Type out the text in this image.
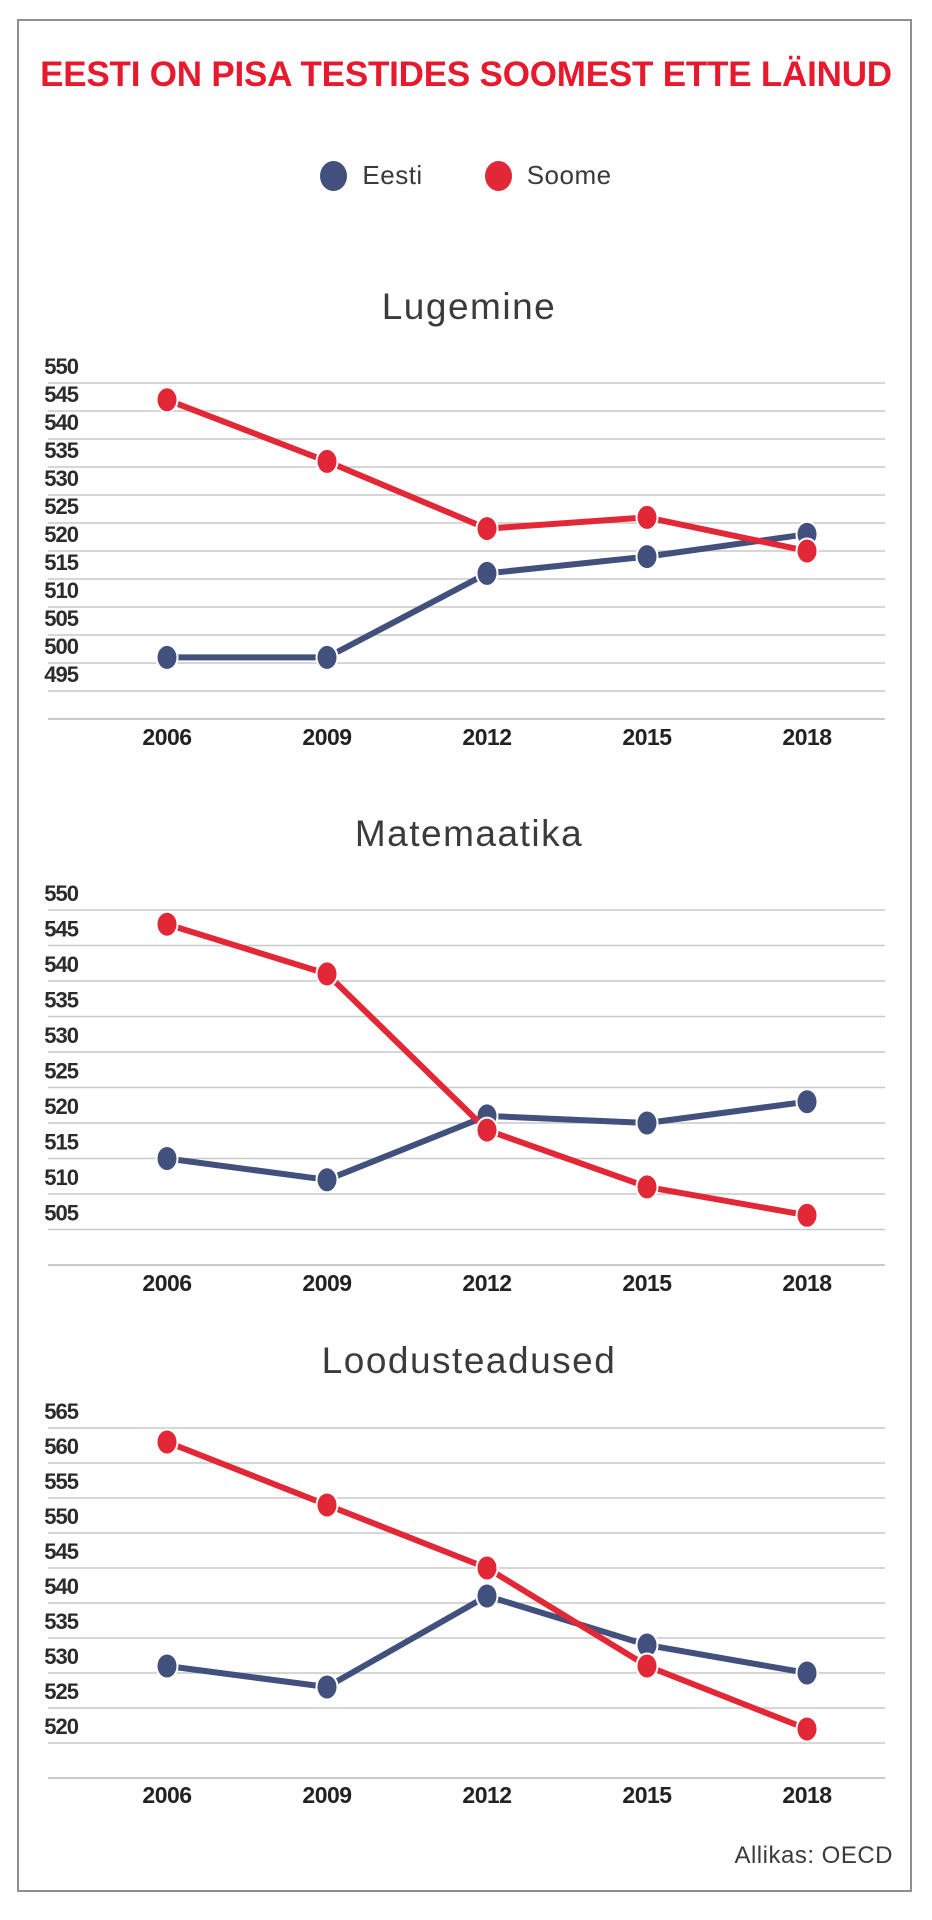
EESTI ON PISA TESTIDES SOOMEST ETTE LÄINUD
Eesti	Soome
Lugemine
550
545
540
535
530
525
520
515
510
505
500
495
2006	2009	2012	2015	2018
Matemaatika
550
545
540
535
530
525
520
515
510
505
2006	2009	2012	2015	2018
Loodusteadused
565
560
555
550
545
540
535
530
525
520
2006	2009	2012	2015	2018
Allikas: OECD
